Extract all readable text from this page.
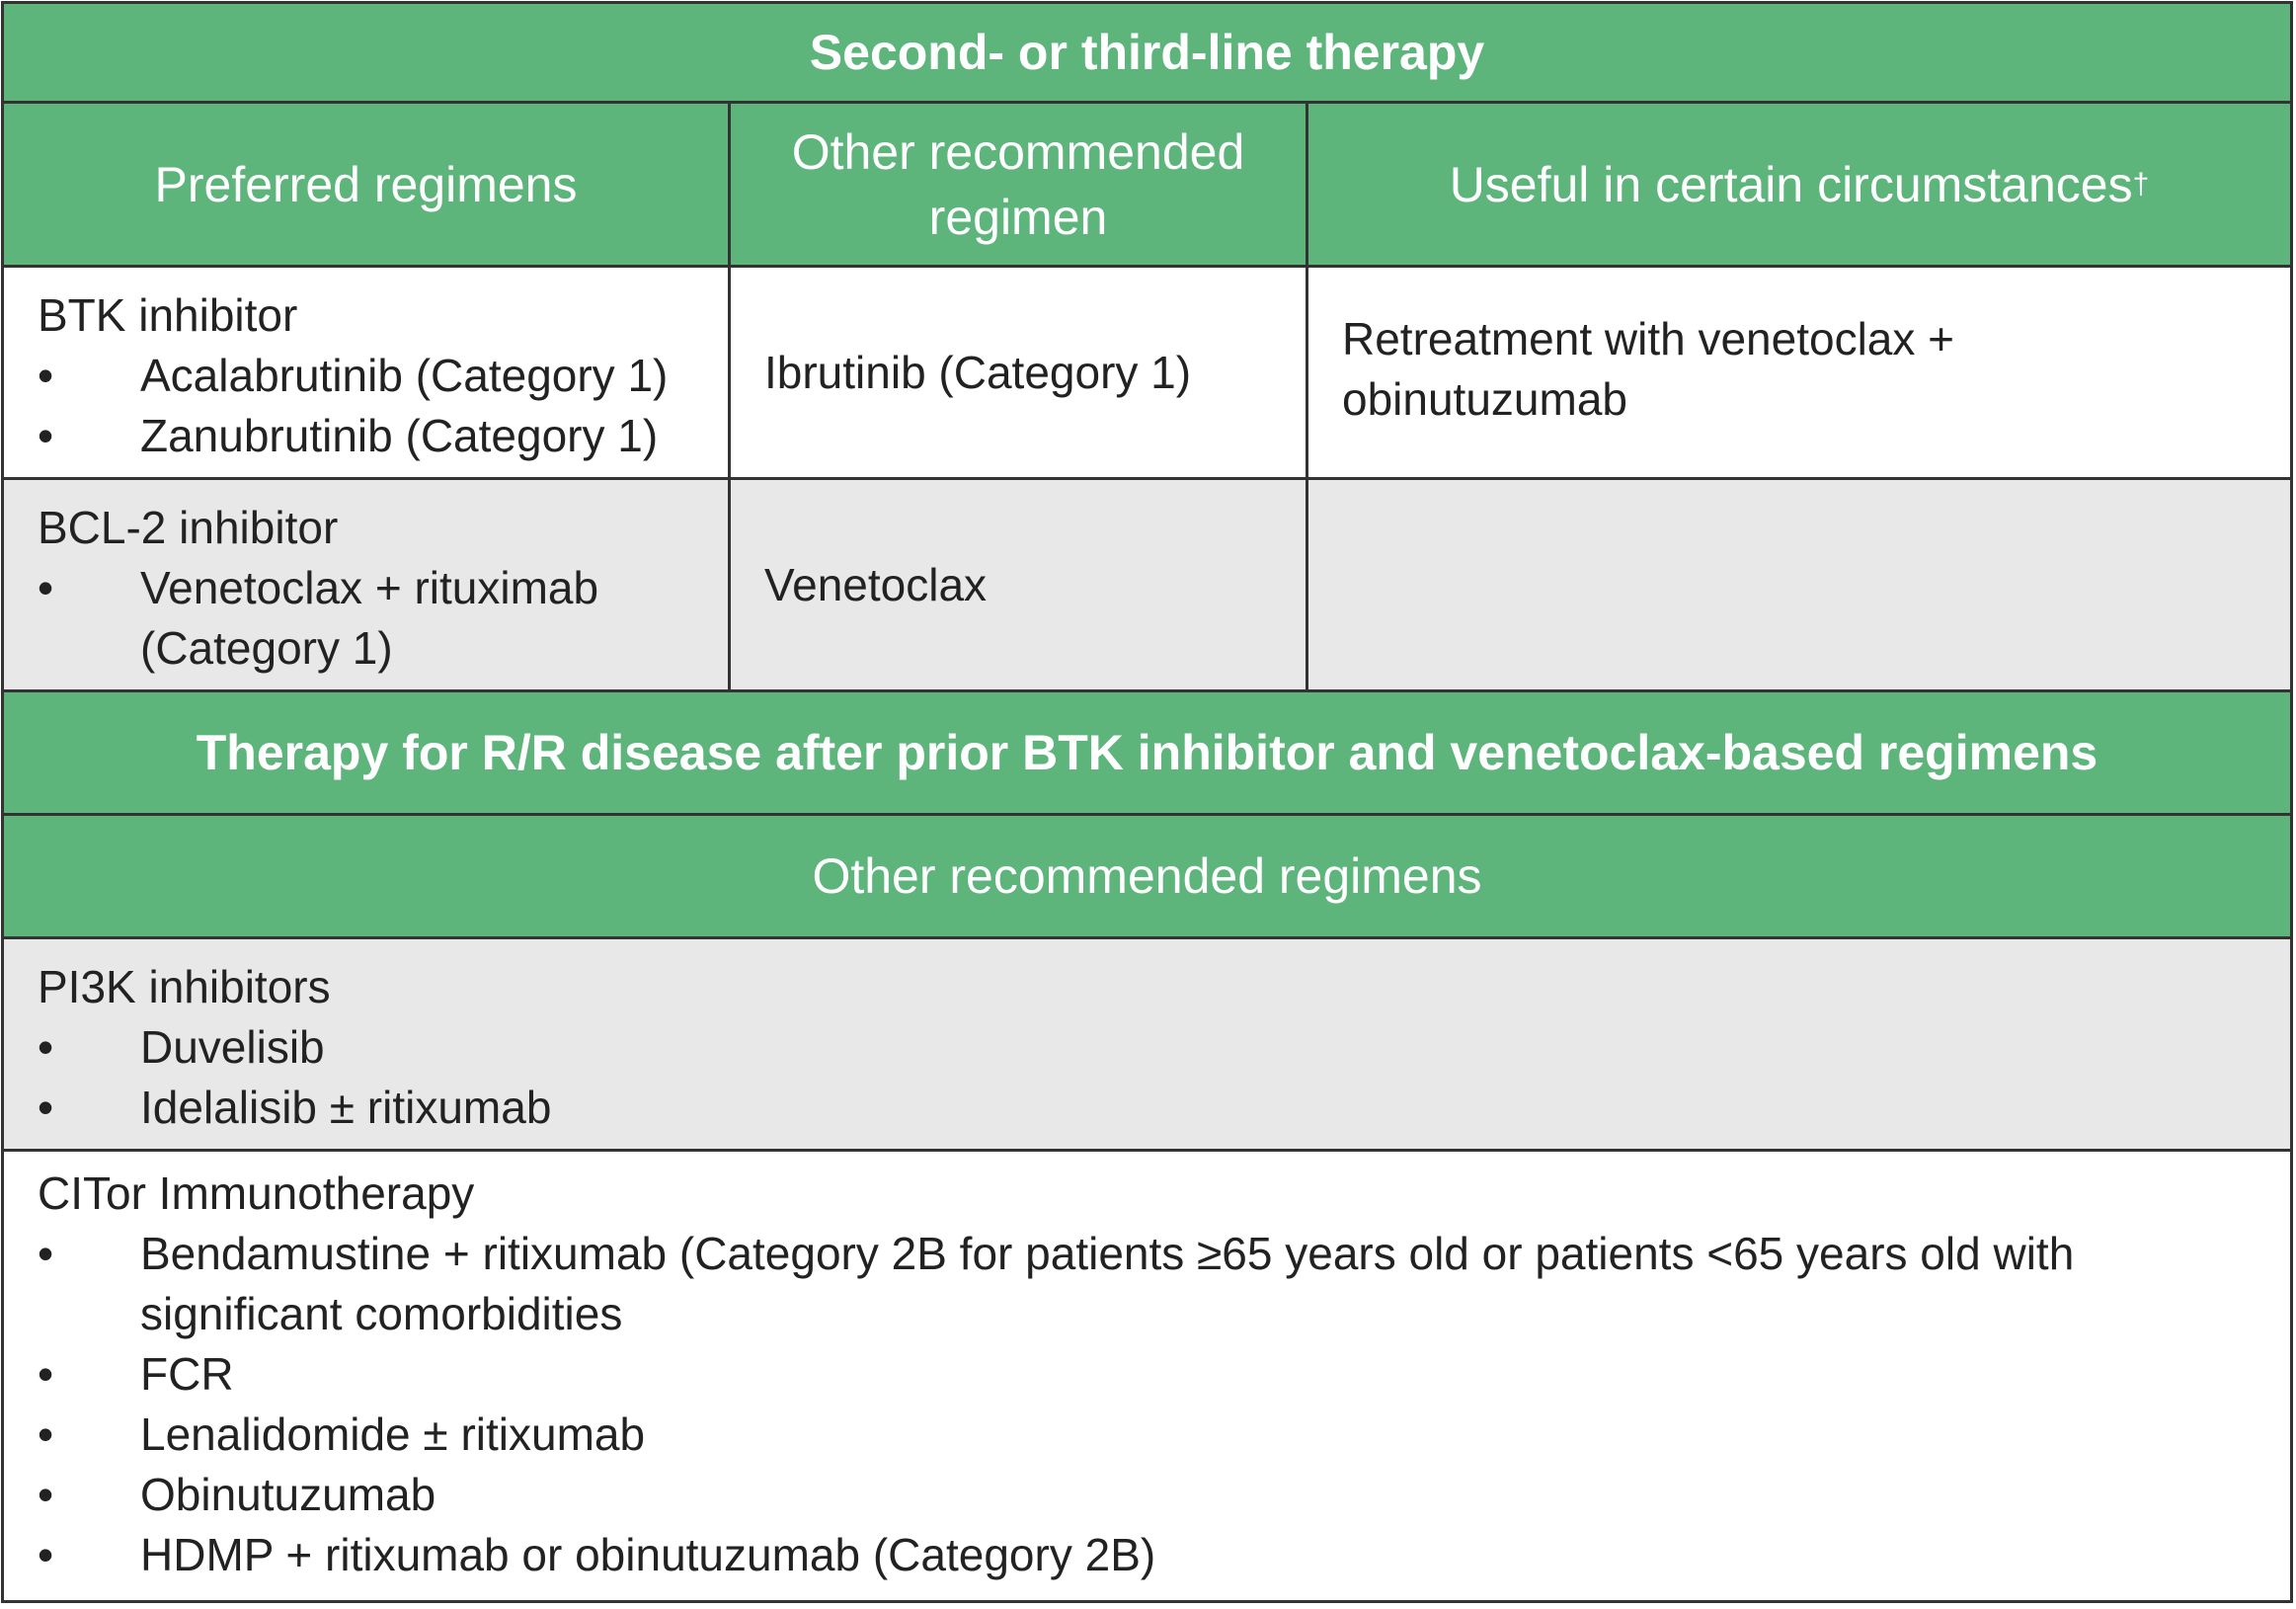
Second- or third-line therapy
Preferred regimens
Other recommended regimen
Useful in certain circumstances †
BTK inhibitor
• Acalabrutinib (Category 1)
• Zanubrutinib (Category 1)
Ibrutinib (Category 1)
Retreatment with venetoclax + obinutuzumab
BCL-2 inhibitor
• Venetoclax + rituximab (Category 1)
Venetoclax
Therapy for R/R disease after prior BTK inhibitor and venetoclax-based regimens
Other recommended regimens
PI3K inhibitors
• Duvelisib
• Idelalisib ± ritixumab
CITor Immunotherapy
• Bendamustine + ritixumab (Category 2B for patients ≥65 years old or patients <65 years old with significant comorbidities
• FCR
• Lenalidomide ± ritixumab
• Obinutuzumab
• HDMP + ritixumab or obinutuzumab (Category 2B)
